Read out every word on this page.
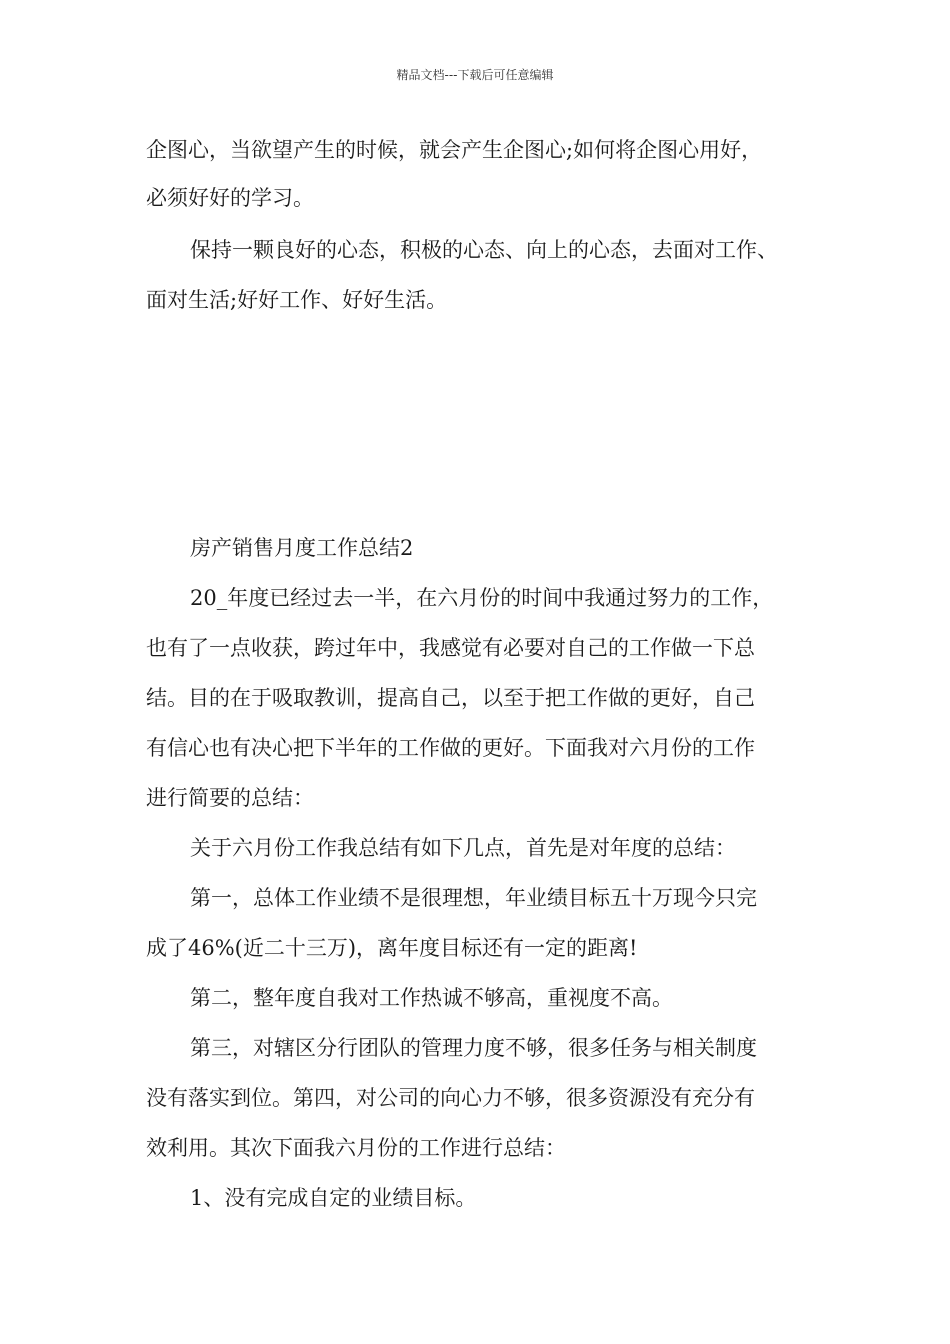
精品文档---下载后可任意编辑
企图心，当欲望产生的时候，就会产生企图心;如何将企图心用好，
必须好好的学习。
保持一颗良好的心态，积极的心态、向上的心态，去面对工作、
面对生活;好好工作、好好生活。
房产销售月度工作总结2
20_年度已经过去一半，在六月份的时间中我通过努力的工作，
也有了一点收获，跨过年中，我感觉有必要对自己的工作做一下总
结。目的在于吸取教训，提高自己，以至于把工作做的更好，自己
有信心也有决心把下半年的工作做的更好。下面我对六月份的工作
进行简要的总结：
关于六月份工作我总结有如下几点，首先是对年度的总结：
第一，总体工作业绩不是很理想，年业绩目标五十万现今只完
成了46%(近二十三万)，离年度目标还有一定的距离!
第二，整年度自我对工作热诚不够高，重视度不高。
第三，对辖区分行团队的管理力度不够，很多任务与相关制度
没有落实到位。第四，对公司的向心力不够，很多资源没有充分有
效利用。其次下面我六月份的工作进行总结：
1、没有完成自定的业绩目标。
